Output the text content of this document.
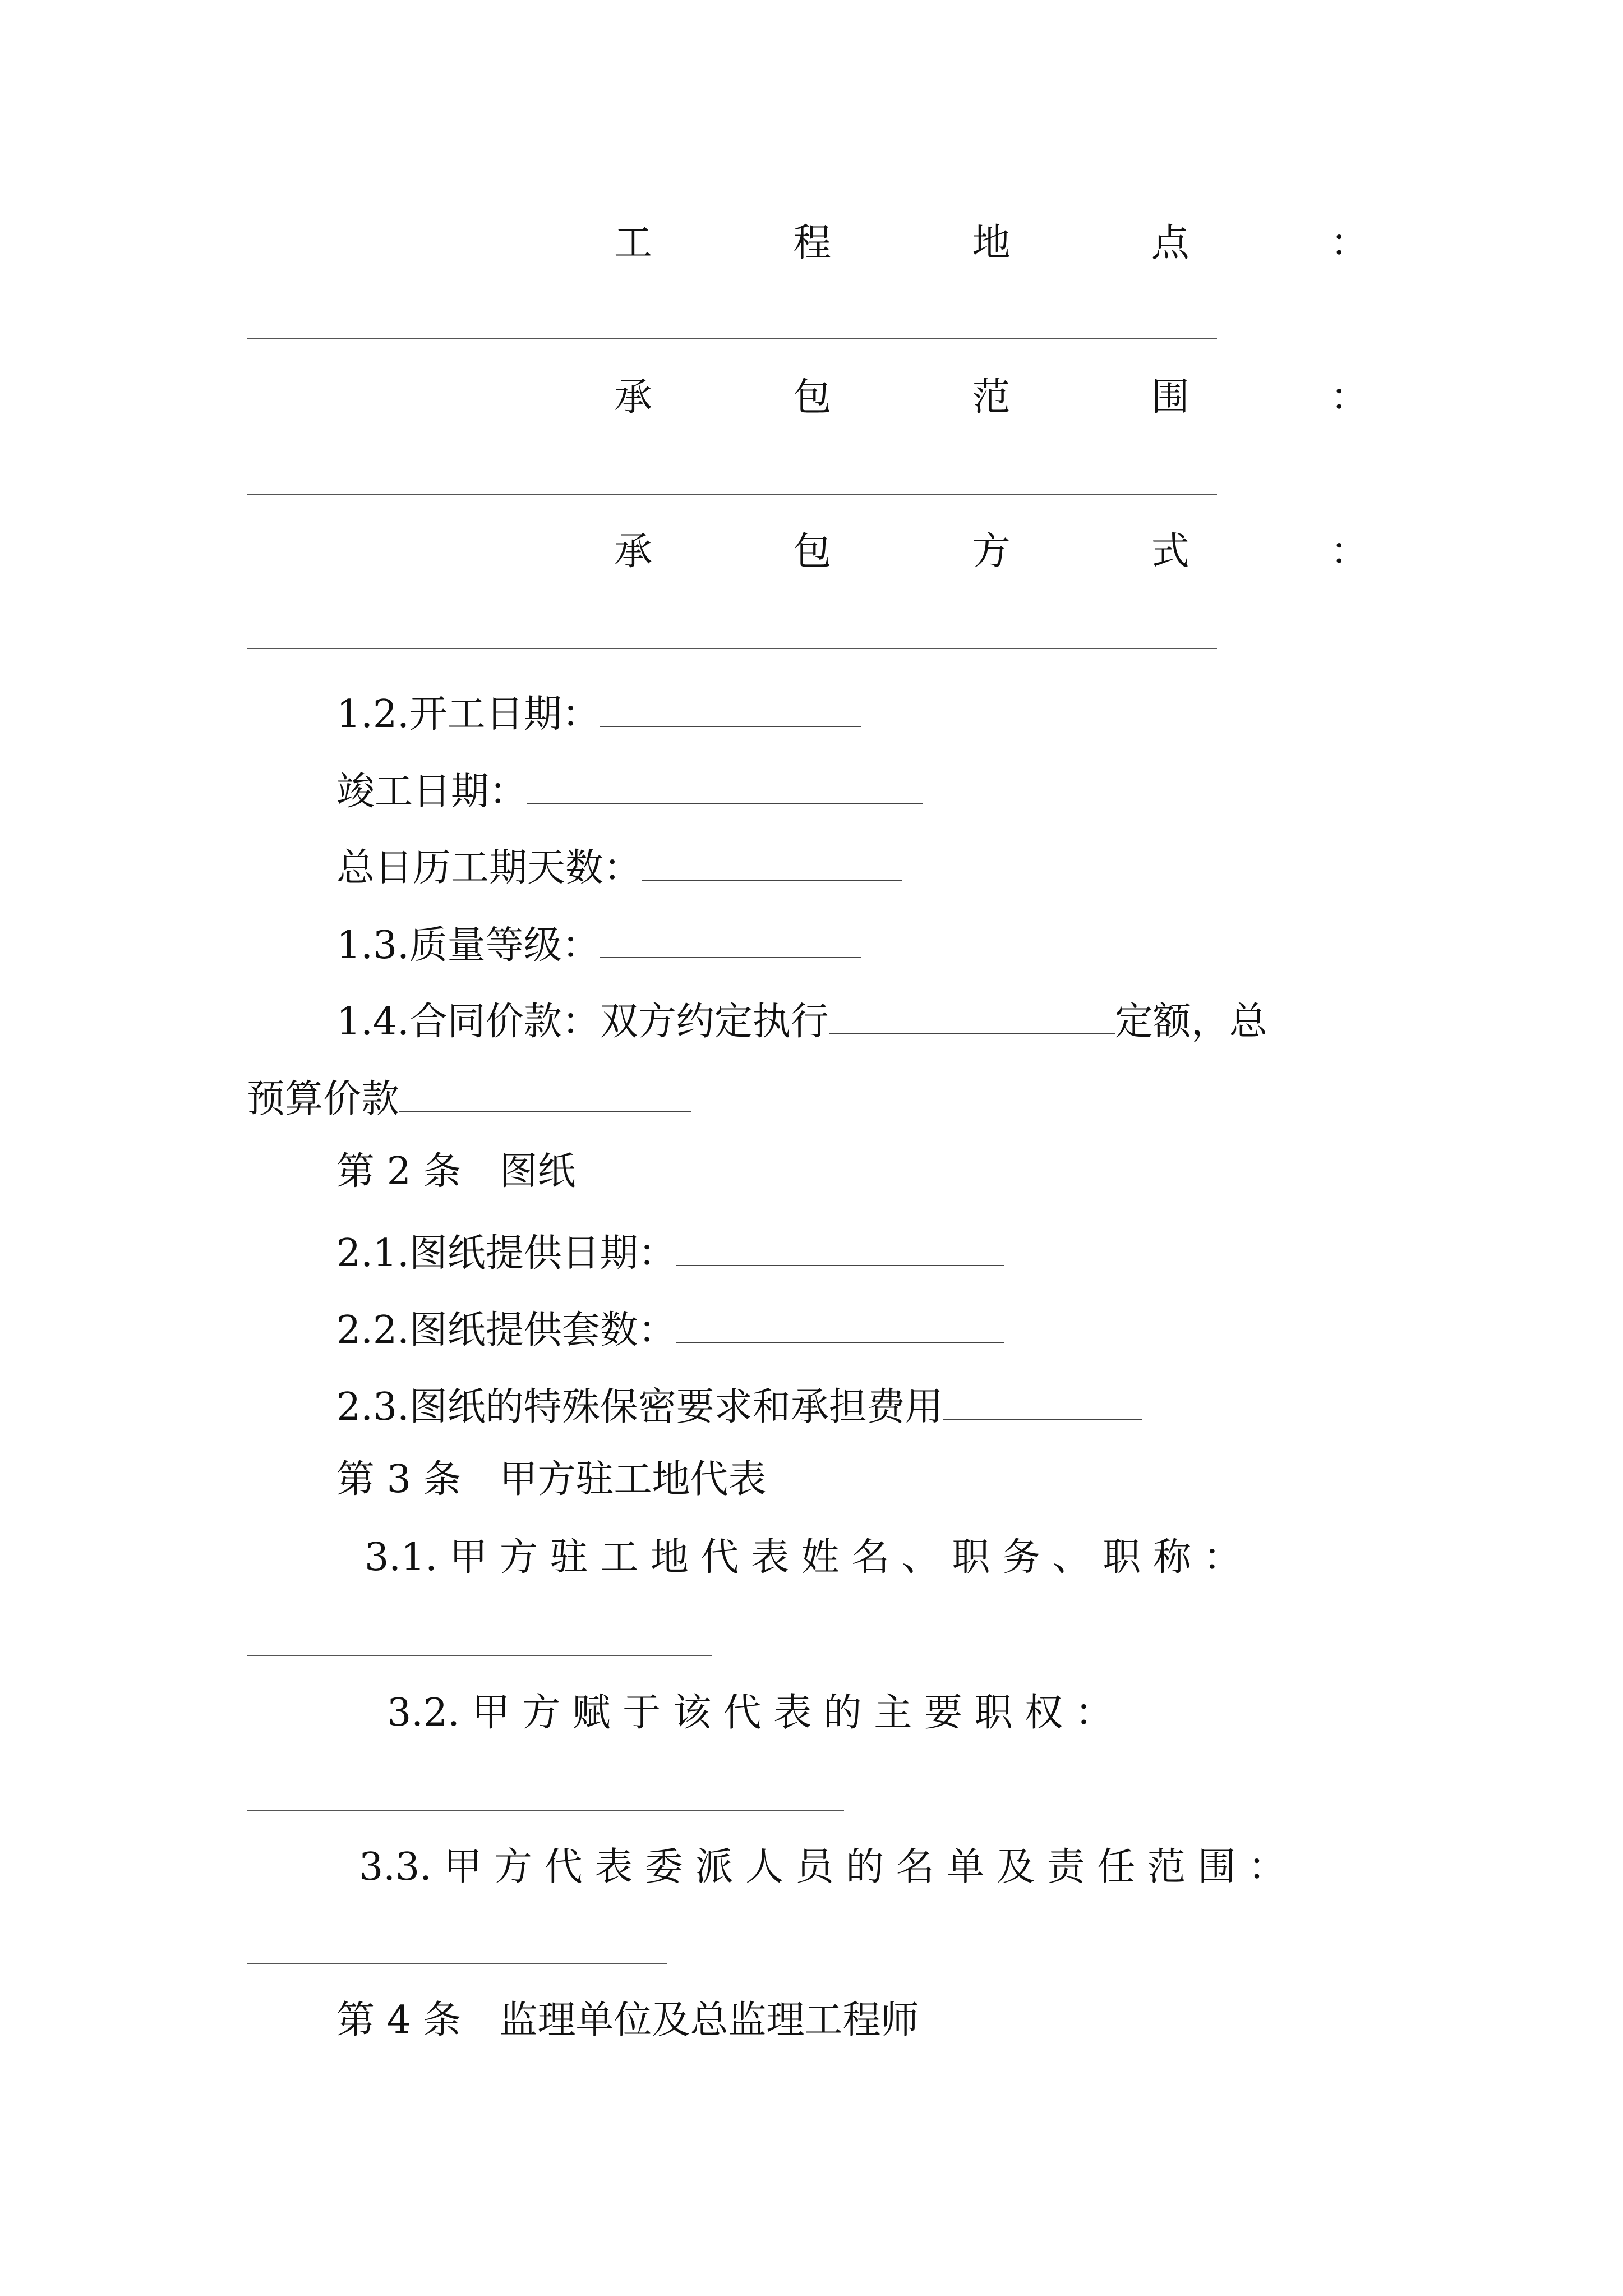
工	程	地	点	：
承	包	范	围	：
承	包	方	式	：
1.2.开工日期：
竣工日期：
总日历工期天数：
1.3.质量等级：
1.4.合同价款：双方约定执行	定额，总
预算价款
第 2 条　图纸
2.1.图纸提供日期：
2.2.图纸提供套数：
2.3.图纸的特殊保密要求和承担费用
第 3 条　甲方驻工地代表
3.1. 甲 方 驻 工 地 代 表 姓 名 、 职 务 、 职 称 ：
3.2. 甲 方 赋 于 该 代 表 的 主 要 职 权 ：
3.3. 甲 方 代 表 委 派 人 员 的 名 单 及 责 任 范 围 ：
第 4 条　监理单位及总监理工程师
